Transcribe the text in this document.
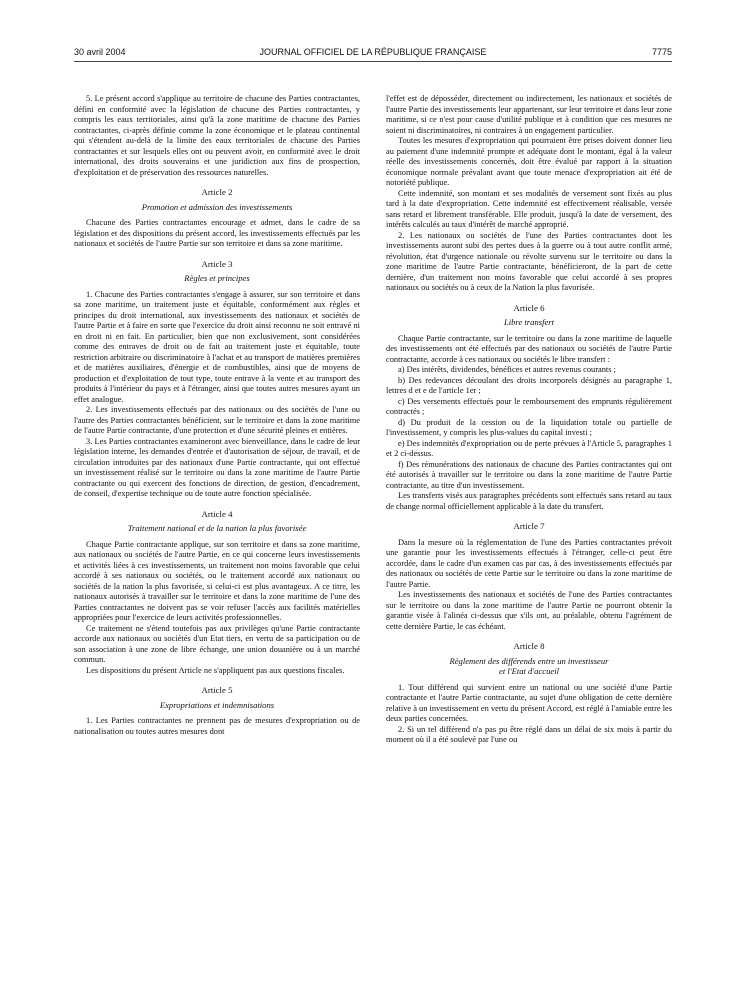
30 avril 2004	JOURNAL OFFICIEL DE LA RÉPUBLIQUE FRANÇAISE	7775

5. Le présent accord s'applique au territoire de chacune des Parties contractantes, défini en conformité avec la législation de chacune des Parties contractantes, y compris les eaux territoriales, ainsi qu'à la zone maritime de chacune des Parties contractantes, ci-après définie comme la zone économique et le plateau continental qui s'étendent au-delà de la limite des eaux territoriales de chacune des Parties contractantes et sur lesquels elles ont ou peuvent avoir, en conformité avec le droit international, des droits souverains et une juridiction aux fins de prospection, d'exploitation et de préservation des ressources naturelles.

Article 2

Promotion et admission des investissements

Chacune des Parties contractantes encourage et admet, dans le cadre de sa législation et des dispositions du présent accord, les investissements effectués par les nationaux et sociétés de l'autre Partie sur son territoire et dans sa zone maritime.

Article 3

Règles et principes

1. Chacune des Parties contractantes s'engage à assurer, sur son territoire et dans sa zone maritime, un traitement juste et équitable, conformément aux règles et principes du droit international, aux investissements des nationaux et sociétés de l'autre Partie et à faire en sorte que l'exercice du droit ainsi reconnu ne soit entravé ni en droit ni en fait. En particulier, bien que non exclusivement, sont considérées comme des entraves de droit ou de fait au traitement juste et équitable, toute restriction arbitraire ou discriminatoire à l'achat et au transport de matières premières et de matières auxiliaires, d'énergie et de combustibles, ainsi que de moyens de production et d'exploitation de tout type, toute entrave à la vente et au transport des produits à l'intérieur du pays et à l'étranger, ainsi que toutes autres mesures ayant un effet analogue.

2. Les investissements effectués par des nationaux ou des sociétés de l'une ou l'autre des Parties contractantes bénéficient, sur le territoire et dans la zone maritime de l'autre Partie contractante, d'une protection et d'une sécurité pleines et entières.

3. Les Parties contractantes examineront avec bienveillance, dans le cadre de leur législation interne, les demandes d'entrée et d'autorisation de séjour, de travail, et de circulation introduites par des nationaux d'une Partie contractante, qui ont effectué un investissement réalisé sur le territoire ou dans la zone maritime de l'autre Partie contractante ou qui exercent des fonctions de direction, de gestion, d'encadrement, de conseil, d'expertise technique ou de toute autre fonction spécialisée.

Article 4

Traitement national et de la nation la plus favorisée

Chaque Partie contractante applique, sur son territoire et dans sa zone maritime, aux nationaux ou sociétés de l'autre Partie, en ce qui concerne leurs investissements et activités liées à ces investissements, un traitement non moins favorable que celui accordé à ses nationaux ou sociétés, ou le traitement accordé aux nationaux ou sociétés de la nation la plus favorisée, si celui-ci est plus avantageux. A ce titre, les nationaux autorisés à travailler sur le territoire et dans la zone maritime de l'une des Parties contractantes ne doivent pas se voir refuser l'accès aux facilités matérielles appropriées pour l'exercice de leurs activités professionnelles.

Ce traitement ne s'étend toutefois pas aux privilèges qu'une Partie contractante accorde aux nationaux ou sociétés d'un Etat tiers, en vertu de sa participation ou de son association à une zone de libre échange, une union douanière ou à un marché commun.

Les dispositions du présent Article ne s'appliquent pas aux questions fiscales.

Article 5

Expropriations et indemnisations

1. Les Parties contractantes ne prennent pas de mesures d'expropriation ou de nationalisation ou toutes autres mesures dont

l'effet est de déposséder, directement ou indirectement, les nationaux et sociétés de l'autre Partie des investissements leur appartenant, sur leur territoire et dans leur zone maritime, si ce n'est pour cause d'utilité publique et à condition que ces mesures ne soient ni discriminatoires, ni contraires à un engagement particulier.

Toutes les mesures d'expropriation qui pourraient être prises doivent donner lieu au paiement d'une indemnité prompte et adéquate dont le montant, égal à la valeur réelle des investissements concernés, doit être évalué par rapport à la situation économique normale prévalant avant que toute menace d'expropriation ait été de notoriété publique.

Cette indemnité, son montant et ses modalités de versement sont fixés au plus tard à la date d'expropriation. Cette indemnité est effectivement réalisable, versée sans retard et librement transférable. Elle produit, jusqu'à la date de versement, des intérêts calculés au taux d'intérêt de marché approprié.

2. Les nationaux ou sociétés de l'une des Parties contractantes dont les investissements auront subi des pertes dues à la guerre ou à tout autre conflit armé, révolution, état d'urgence nationale ou révolte survenu sur le territoire ou dans la zone maritime de l'autre Partie contractante, bénéficieront, de la part de cette dernière, d'un traitement non moins favorable que celui accordé à ses propres nationaux ou sociétés ou à ceux de la Nation la plus favorisée.

Article 6

Libre transfert

Chaque Partie contractante, sur le territoire ou dans la zone maritime de laquelle des investissements ont été effectués par des nationaux ou sociétés de l'autre Partie contractante, accorde à ces nationaux ou sociétés le libre transfert :

a) Des intérêts, dividendes, bénéfices et autres revenus courants ;

b) Des redevances découlant des droits incorporels désignés au paragraphe 1, lettres d et e de l'article 1er ;

c) Des versements effectués pour le remboursement des emprunts régulièrement contractés ;

d) Du produit de la cession ou de la liquidation totale ou partielle de l'investissement, y compris les plus-values du capital investi ;

e) Des indemnités d'expropriation ou de perte prévues à l'Article 5, paragraphes 1 et 2 ci-dessus.

f) Des rémunérations des nationaux de chacune des Parties contractantes qui ont été autorisés à travailler sur le territoire ou dans la zone maritime de l'autre Partie contractante, au titre d'un investissement.

Les transferts visés aux paragraphes précédents sont effectués sans retard au taux de change normal officiellement applicable à la date du transfert.

Article 7

Dans la mesure où la réglementation de l'une des Parties contractantes prévoit une garantie pour les investissements effectués à l'étranger, celle-ci peut être accordée, dans le cadre d'un examen cas par cas, à des investissements effectués par des nationaux ou sociétés de cette Partie sur le territoire ou dans la zone maritime de l'autre Partie.

Les investissements des nationaux et sociétés de l'une des Parties contractantes sur le territoire ou dans la zone maritime de l'autre Partie ne pourront obtenir la garantie visée à l'alinéa ci-dessus que s'ils ont, au préalable, obtenu l'agrément de cette dernière Partie, le cas échéant.

Article 8

Règlement des différends entre un investisseur

et l'Etat d'accueil

1. Tout différend qui survient entre un national ou une société d'une Partie contractante et l'autre Partie contractante, au sujet d'une obligation de cette dernière relative à un investissement en vertu du présent Accord, est réglé à l'amiable entre les deux parties concernées.

2. Si un tel différend n'a pas pu être réglé dans un délai de six mois à partir du moment où il a été soulevé par l'une ou
